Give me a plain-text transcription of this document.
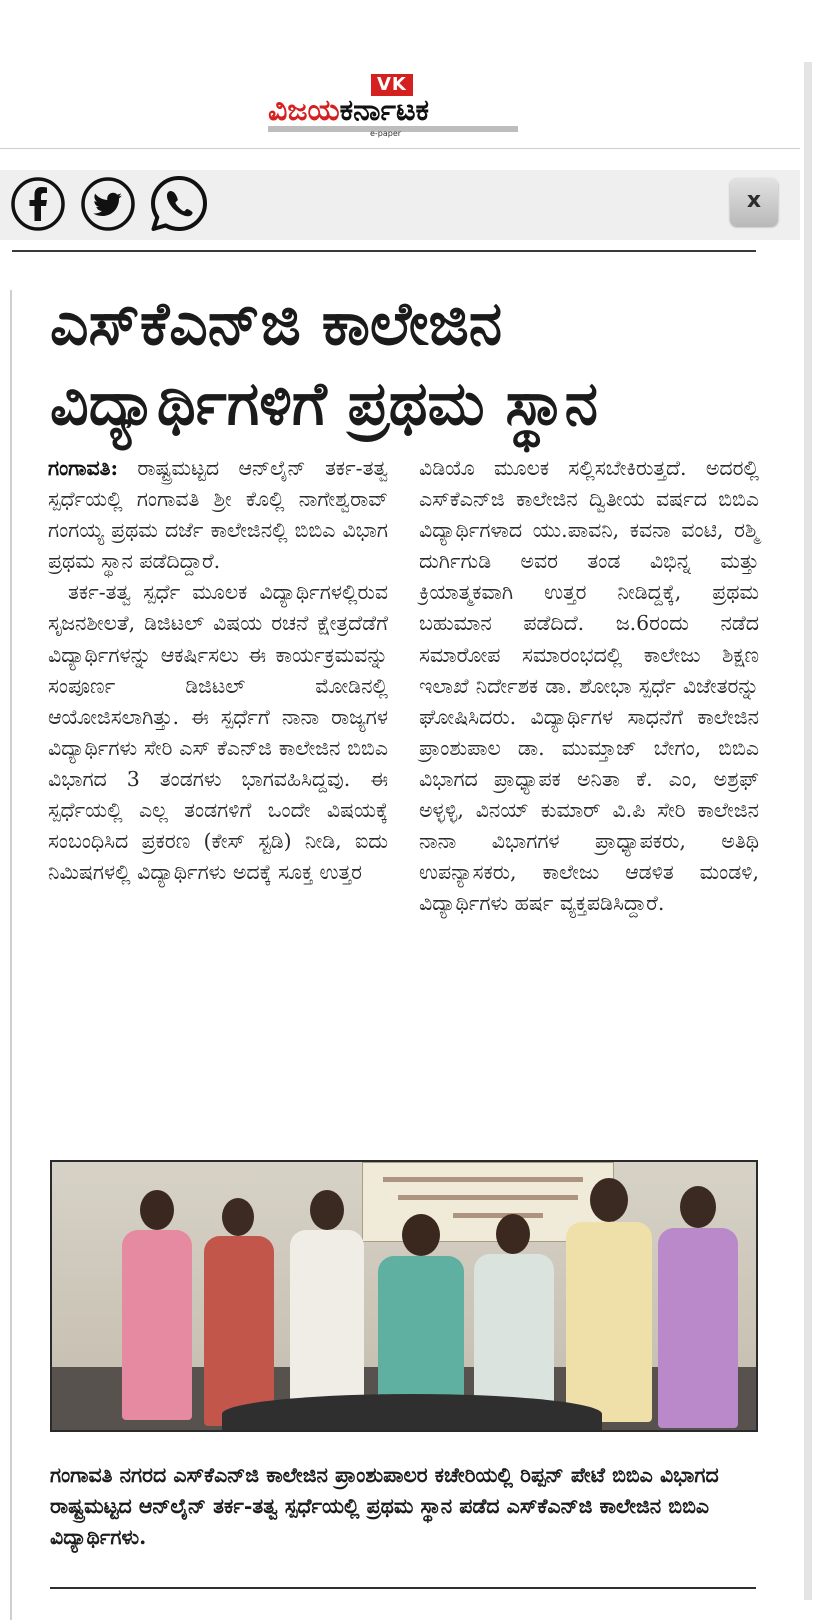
VK
ವಿಜಯಕರ್ನಾಟಕ
e-paper
x
ಎಸ್‌ಕೆಎನ್‌ಜಿ ಕಾಲೇಜಿನ
ವಿದ್ಯಾರ್ಥಿಗಳಿಗೆ ಪ್ರಥಮ ಸ್ಥಾನ

ಗಂಗಾವತಿ: ರಾಷ್ಟ್ರಮಟ್ಟದ ಆನ್‌ಲೈನ್ ತರ್ಕ-ತತ್ವ ಸ್ಪರ್ಧೆಯಲ್ಲಿ ಗಂಗಾವತಿ ಶ್ರೀ ಕೊಲ್ಲಿ ನಾಗೇಶ್ವರಾವ್ ಗಂಗಯ್ಯ ಪ್ರಥಮ ದರ್ಜೆ ಕಾಲೇಜಿನಲ್ಲಿ ಬಿಬಿಎ ವಿಭಾಗ ಪ್ರಥಮ ಸ್ಥಾನ ಪಡೆದಿದ್ದಾರೆ.

ತರ್ಕ-ತತ್ವ ಸ್ಪರ್ಧೆ ಮೂಲಕ ವಿದ್ಯಾರ್ಥಿಗಳಲ್ಲಿರುವ ಸೃಜನಶೀಲತೆ, ಡಿಜಿಟಲ್ ವಿಷಯ ರಚನೆ ಕ್ಷೇತ್ರದೆಡೆಗೆ ವಿದ್ಯಾರ್ಥಿಗಳನ್ನು ಆಕರ್ಷಿಸಲು ಈ ಕಾರ್ಯಕ್ರಮವನ್ನು ಸಂಪೂರ್ಣ ಡಿಜಿಟಲ್ ಮೋಡಿನಲ್ಲಿ ಆಯೋಜಿಸಲಾಗಿತ್ತು. ಈ ಸ್ಪರ್ಧೆಗೆ ನಾನಾ ರಾಜ್ಯಗಳ ವಿದ್ಯಾರ್ಥಿಗಳು ಸೇರಿ ಎಸ್ ಕೆಎನ್‌ಜಿ ಕಾಲೇಜಿನ ಬಿಬಿಎ ವಿಭಾಗದ 3 ತಂಡಗಳು ಭಾಗವಹಿಸಿದ್ದವು. ಈ ಸ್ಪರ್ಧೆಯಲ್ಲಿ ಎಲ್ಲ ತಂಡಗಳಿಗೆ ಒಂದೇ ವಿಷಯಕ್ಕೆ ಸಂಬಂಧಿಸಿದ ಪ್ರಕರಣ (ಕೇಸ್ ಸ್ಟಡಿ) ನೀಡಿ, ಐದು ನಿಮಿಷಗಳಲ್ಲಿ ವಿದ್ಯಾರ್ಥಿಗಳು ಅದಕ್ಕೆ ಸೂಕ್ತ ಉತ್ತರ

ವಿಡಿಯೊ ಮೂಲಕ ಸಲ್ಲಿಸಬೇಕಿರುತ್ತದೆ. ಅದರಲ್ಲಿ ಎಸ್‌ಕೆಎನ್‌ಜಿ ಕಾಲೇಜಿನ ದ್ವಿತೀಯ ವರ್ಷದ ಬಿಬಿಎ ವಿದ್ಯಾರ್ಥಿಗಳಾದ ಯು.ಪಾವನಿ, ಕವನಾ ವಂಟಿ, ರಶ್ಮಿ ದುರ್ಗಿಗುಡಿ ಅವರ ತಂಡ ವಿಭಿನ್ನ ಮತ್ತು ಕ್ರಿಯಾತ್ಮಕವಾಗಿ ಉತ್ತರ ನೀಡಿದ್ದಕ್ಕೆ, ಪ್ರಥಮ ಬಹುಮಾನ ಪಡೆದಿದೆ. ಜ.6ರಂದು ನಡೆದ ಸಮಾರೋಪ ಸಮಾರಂಭದಲ್ಲಿ ಕಾಲೇಜು ಶಿಕ್ಷಣ ಇಲಾಖೆ ನಿರ್ದೇಶಕ ಡಾ. ಶೋಭಾ ಸ್ಪರ್ಧೆ ವಿಜೇತರನ್ನು ಘೋಷಿಸಿದರು. ವಿದ್ಯಾರ್ಥಿಗಳ ಸಾಧನೆಗೆ ಕಾಲೇಜಿನ ಪ್ರಾಂಶುಪಾಲ ಡಾ. ಮುಮ್ತಾಜ್ ಬೇಗಂ, ಬಿಬಿಎ ವಿಭಾಗದ ಪ್ರಾಧ್ಯಾಪಕ ಅನಿತಾ ಕೆ. ಎಂ, ಅಶ್ರಫ್ ಅಳ್ಳಳ್ಳಿ, ವಿನಯ್ ಕುಮಾರ್ ವಿ.ಪಿ ಸೇರಿ ಕಾಲೇಜಿನ ನಾನಾ ವಿಭಾಗಗಳ ಪ್ರಾಧ್ಯಾಪಕರು, ಅತಿಥಿ ಉಪನ್ಯಾಸಕರು, ಕಾಲೇಜು ಆಡಳಿತ ಮಂಡಳಿ, ವಿದ್ಯಾರ್ಥಿಗಳು ಹರ್ಷ ವ್ಯಕ್ತಪಡಿಸಿದ್ದಾರೆ.

ಗಂಗಾವತಿ ನಗರದ ಎಸ್‌ಕೆಎನ್‌ಜಿ ಕಾಲೇಜಿನ ಪ್ರಾಂಶುಪಾಲರ ಕಚೇರಿಯಲ್ಲಿ ರಿಪ್ಪನ್ ಪೇಟೆ ಬಿಬಿಎ ವಿಭಾಗದ ರಾಷ್ಟ್ರಮಟ್ಟದ ಆನ್‌ಲೈನ್ ತರ್ಕ-ತತ್ವ ಸ್ಪರ್ಧೆಯಲ್ಲಿ ಪ್ರಥಮ ಸ್ಥಾನ ಪಡೆದ ಎಸ್‌ಕೆಎನ್‌ಜಿ ಕಾಲೇಜಿನ ಬಿಬಿಎ ವಿದ್ಯಾರ್ಥಿಗಳು.
